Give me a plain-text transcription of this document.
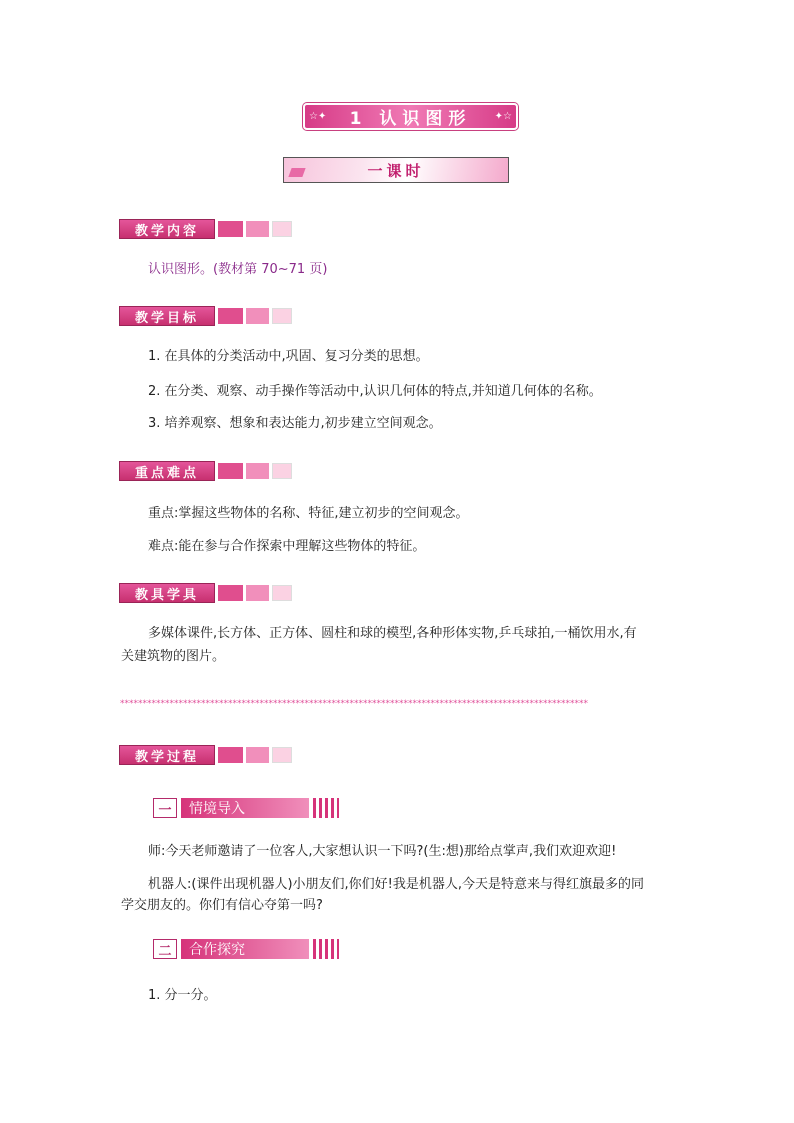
☆✦ 1 认识图形 ✦☆
一课时
教学内容
认识图形。(教材第 70~71 页)
教学目标
1. 在具体的分类活动中,巩固、复习分类的思想。
2. 在分类、观察、动手操作等活动中,认识几何体的特点,并知道几何体的名称。
3. 培养观察、想象和表达能力,初步建立空间观念。
重点难点
重点:掌握这些物体的名称、特征,建立初步的空间观念。
难点:能在参与合作探索中理解这些物体的特征。
教具学具
多媒体课件,长方体、正方体、圆柱和球的模型,各种形体实物,乒乓球拍,一桶饮用水,有
关建筑物的图片。
********************************************************************************************************
教学过程
一	情境导入
师:今天老师邀请了一位客人,大家想认识一下吗?(生:想)那给点掌声,我们欢迎欢迎!
机器人:(课件出现机器人)小朋友们,你们好!我是机器人,今天是特意来与得红旗最多的同
学交朋友的。你们有信心夺第一吗?
二	合作探究
1. 分一分。
